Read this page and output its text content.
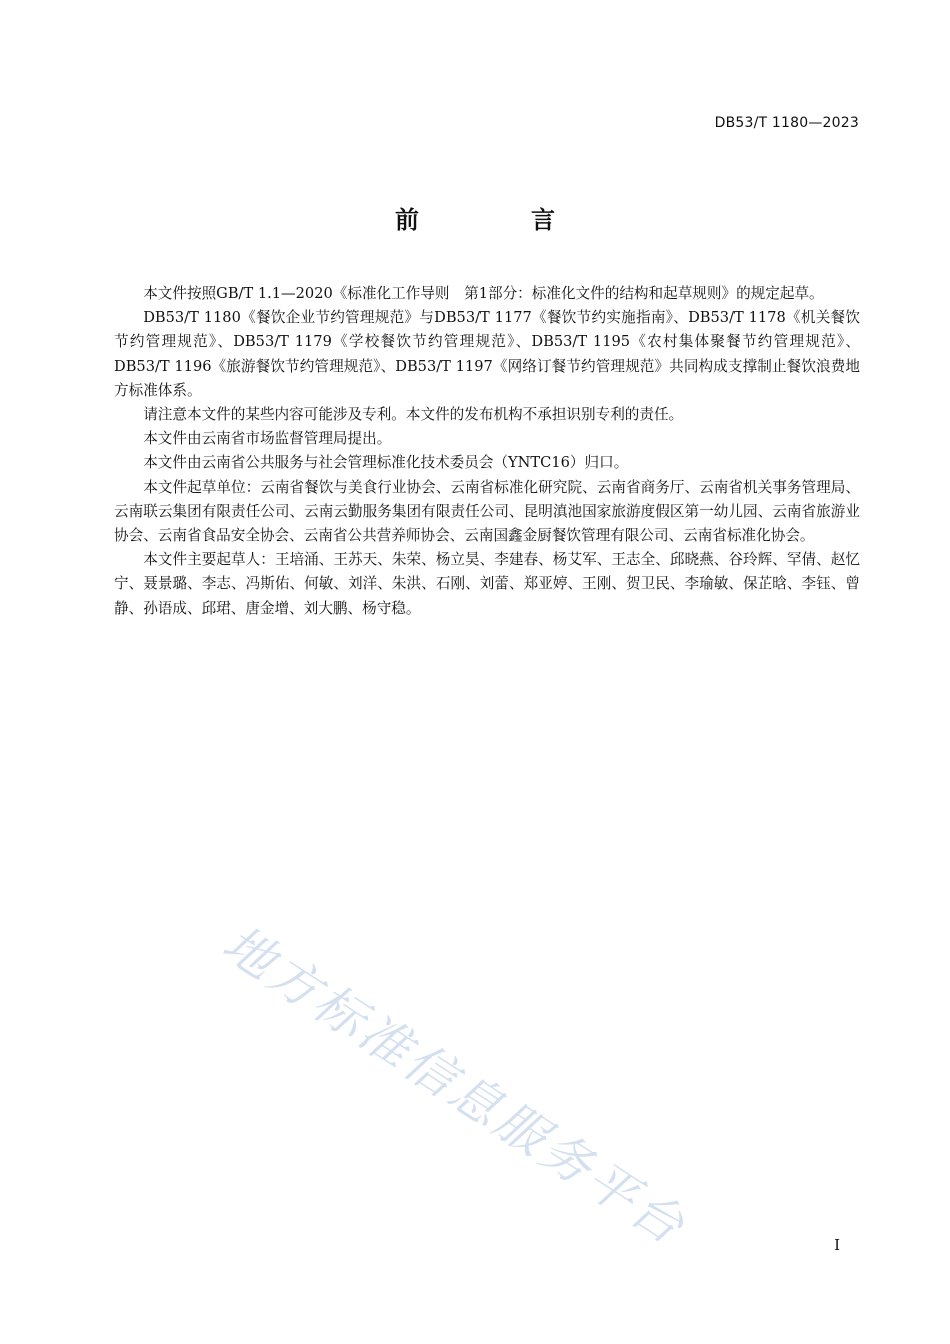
DB53/T 1180—2023
前　言

本文件按照GB/T 1.1—2020《标准化工作导则　第1部分：标准化文件的结构和起草规则》的规定起草。

DB53/T 1180《餐饮企业节约管理规范》与DB53/T 1177《餐饮节约实施指南》、DB53/T 1178《机关餐饮节约管理规范》、DB53/T 1179《学校餐饮节约管理规范》、DB53/T 1195《农村集体聚餐节约管理规范》、DB53/T 1196《旅游餐饮节约管理规范》、DB53/T 1197《网络订餐节约管理规范》共同构成支撑制止餐饮浪费地方标准体系。

请注意本文件的某些内容可能涉及专利。本文件的发布机构不承担识别专利的责任。

本文件由云南省市场监督管理局提出。

本文件由云南省公共服务与社会管理标准化技术委员会（YNTC16）归口。

本文件起草单位：云南省餐饮与美食行业协会、云南省标准化研究院、云南省商务厅、云南省机关事务管理局、云南联云集团有限责任公司、云南云勤服务集团有限责任公司、昆明滇池国家旅游度假区第一幼儿园、云南省旅游业协会、云南省食品安全协会、云南省公共营养师协会、云南国鑫金厨餐饮管理有限公司、云南省标准化协会。

本文件主要起草人：王培涌、王苏天、朱荣、杨立昊、李建春、杨艾军、王志全、邱晓燕、谷玲辉、罕倩、赵忆宁、聂景璐、李志、冯斯佑、何敏、刘洋、朱洪、石刚、刘蕾、郑亚婷、王刚、贺卫民、李瑜敏、保芷晗、李钰、曾静、孙语成、邱珺、唐金增、刘大鹏、杨守稳。

地方标准信息服务平台	I
